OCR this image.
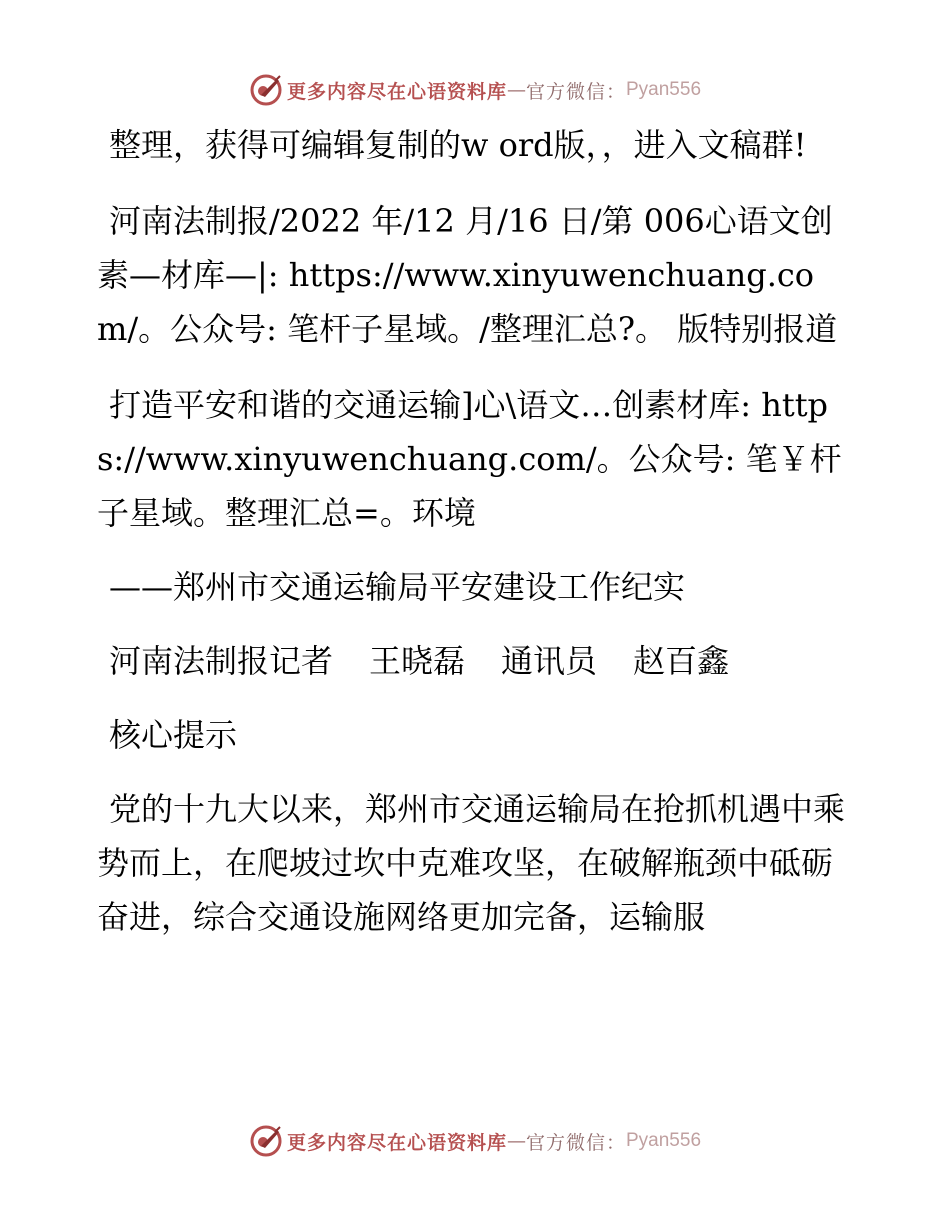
更多内容尽在心语资料库 — 官方微信： Pyan556

整理，获得可编辑复制的w ord版，，进入文稿群!

河南法制报/2022 年/12 月/16 日/第 006心语文创素—材库—|: https://www.xinyuwenchuang.com/。公众号: 笔杆子星域。/整理汇总?。 版特别报道

打造平安和谐的交通运输]心\语文…创素材库: https://www.xinyuwenchuang.com/。公众号: 笔￥杆子星域。整理汇总=。环境

——郑州市交通运输局平安建设工作纪实

河南法制报记者 王晓磊 通讯员 赵百鑫

核心提示

党的十九大以来，郑州市交通运输局在抢抓机遇中乘势而上，在爬坡过坎中克难攻坚，在破解瓶颈中砥砺奋进，综合交通设施网络更加完备，运输服

更多内容尽在心语资料库 — 官方微信： Pyan556
